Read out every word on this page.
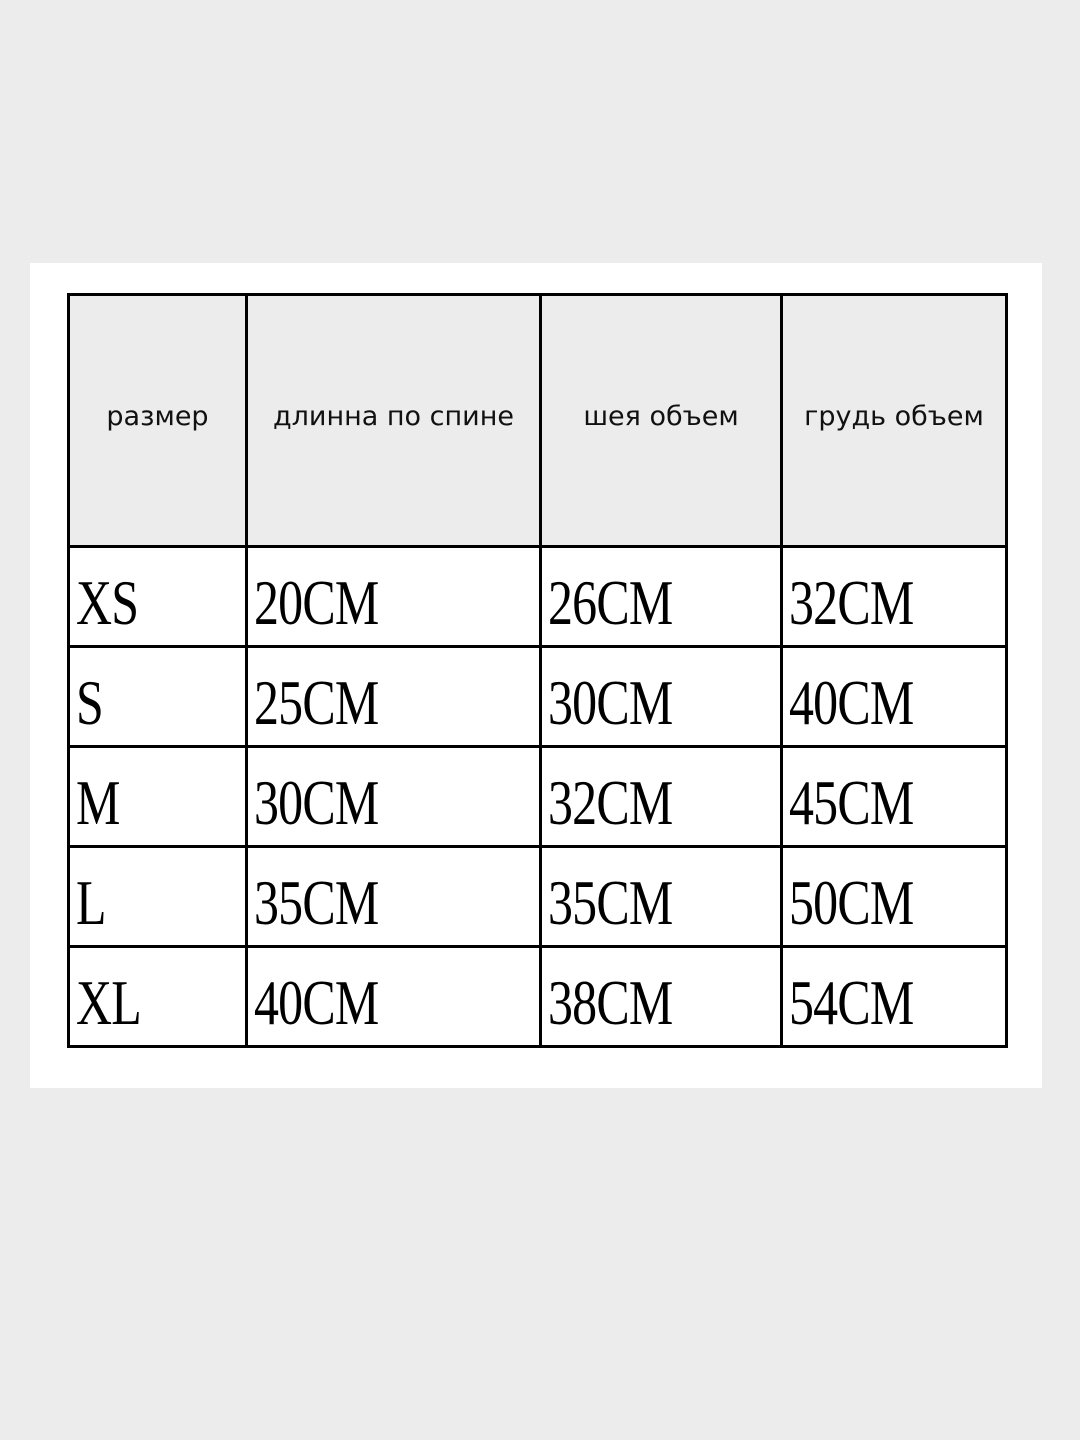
размер	длинна по спине	шея объем	грудь объем
XS	20CM	26CM	32CM
S	25CM	30CM	40CM
M	30CM	32CM	45CM
L	35CM	35CM	50CM
XL	40CM	38CM	54CM
